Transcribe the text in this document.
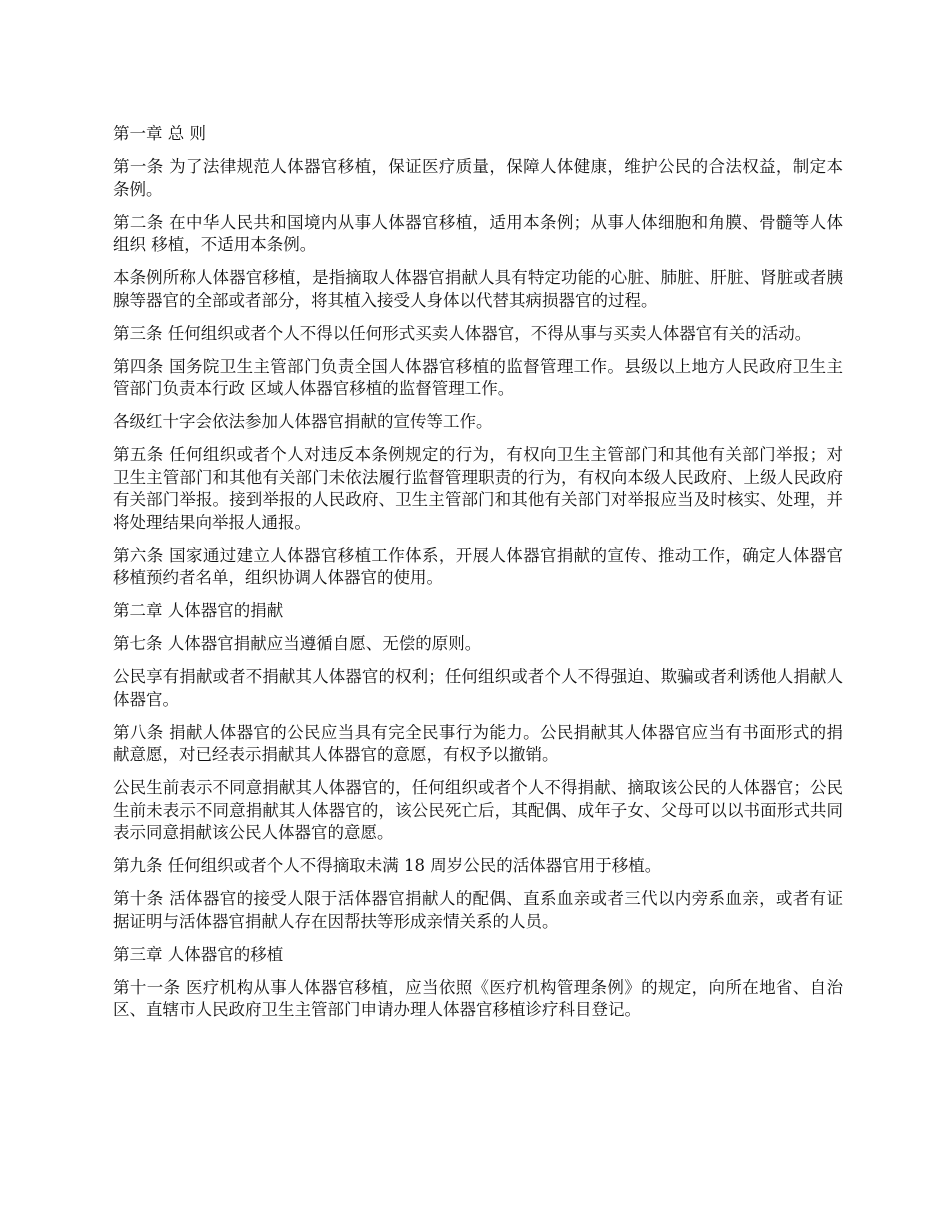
第一章 总 则

第一条 为了法律规范人体器官移植，保证医疗质量，保障人体健康，维护公民的合法权益，制定本条例。

第二条 在中华人民共和国境内从事人体器官移植，适用本条例；从事人体细胞和角膜、骨髓等人体组织 移植，不适用本条例。

本条例所称人体器官移植，是指摘取人体器官捐献人具有特定功能的心脏、肺脏、肝脏、肾脏或者胰腺等器官的全部或者部分，将其植入接受人身体以代替其病损器官的过程。

第三条 任何组织或者个人不得以任何形式买卖人体器官，不得从事与买卖人体器官有关的活动。

第四条 国务院卫生主管部门负责全国人体器官移植的监督管理工作。县级以上地方人民政府卫生主管部门负责本行政 区域人体器官移植的监督管理工作。

各级红十字会依法参加人体器官捐献的宣传等工作。

第五条 任何组织或者个人对违反本条例规定的行为，有权向卫生主管部门和其他有关部门举报；对卫生主管部门和其他有关部门未依法履行监督管理职责的行为，有权向本级人民政府、上级人民政府有关部门举报。接到举报的人民政府、卫生主管部门和其他有关部门对举报应当及时核实、处理，并将处理结果向举报人通报。

第六条 国家通过建立人体器官移植工作体系，开展人体器官捐献的宣传、推动工作，确定人体器官移植预约者名单，组织协调人体器官的使用。

第二章 人体器官的捐献

第七条 人体器官捐献应当遵循自愿、无偿的原则。

公民享有捐献或者不捐献其人体器官的权利；任何组织或者个人不得强迫、欺骗或者利诱他人捐献人体器官。

第八条 捐献人体器官的公民应当具有完全民事行为能力。公民捐献其人体器官应当有书面形式的捐献意愿，对已经表示捐献其人体器官的意愿，有权予以撤销。

公民生前表示不同意捐献其人体器官的，任何组织或者个人不得捐献、摘取该公民的人体器官；公民生前未表示不同意捐献其人体器官的，该公民死亡后，其配偶、成年子女、父母可以以书面形式共同表示同意捐献该公民人体器官的意愿。

第九条 任何组织或者个人不得摘取未满 18 周岁公民的活体器官用于移植。

第十条 活体器官的接受人限于活体器官捐献人的配偶、直系血亲或者三代以内旁系血亲，或者有证据证明与活体器官捐献人存在因帮扶等形成亲情关系的人员。

第三章 人体器官的移植

第十一条 医疗机构从事人体器官移植，应当依照《医疗机构管理条例》的规定，向所在地省、自治区、直辖市人民政府卫生主管部门申请办理人体器官移植诊疗科目登记。
